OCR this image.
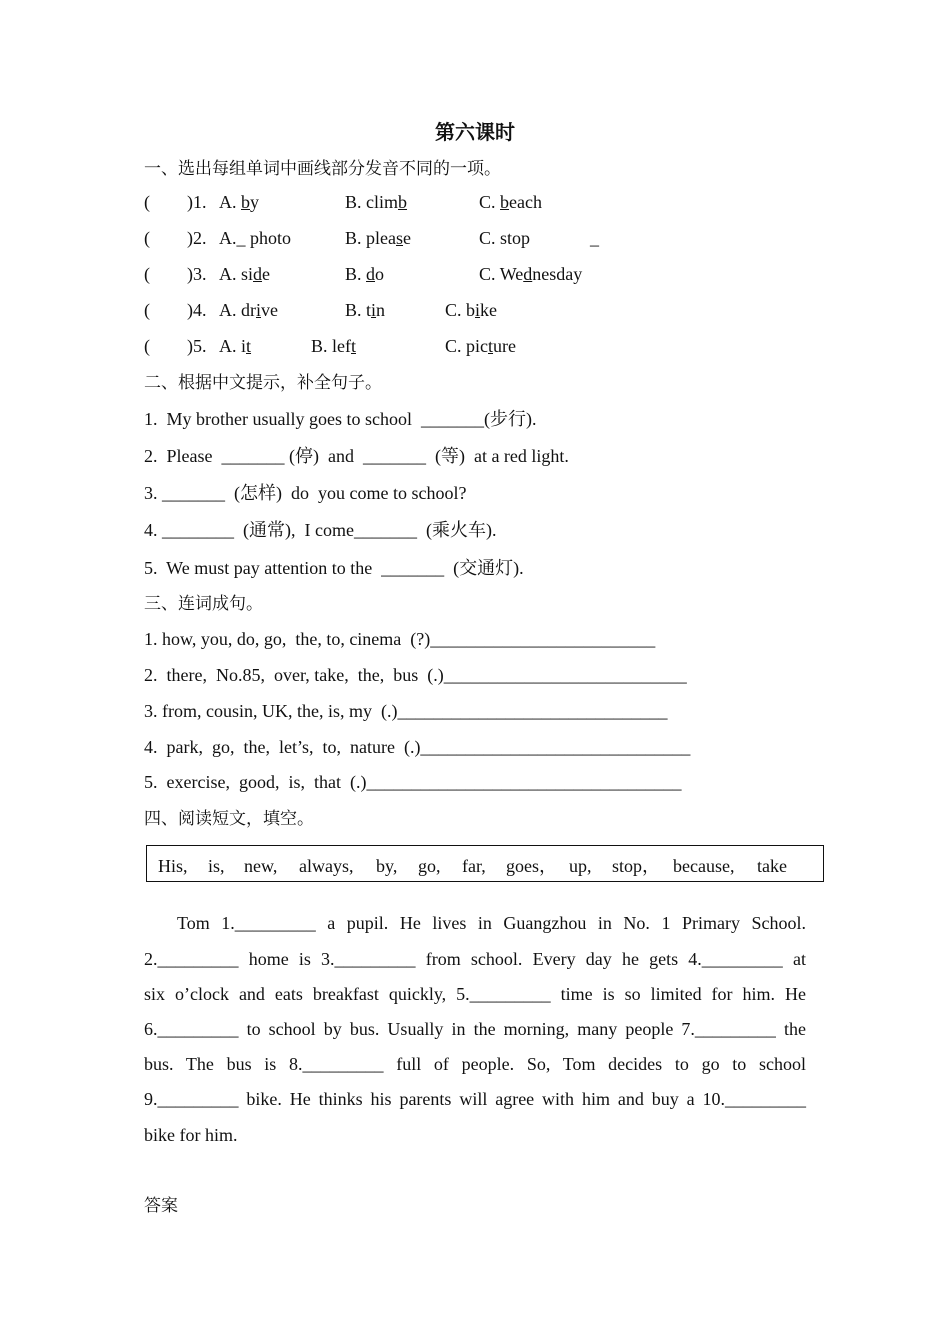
第六课时
一、选出每组单词中画线部分发音不同的一项。
( )1. A. by	B. climb	C. beach
( )2. A._ photo	B. please	C. stop	_
( )3. A. side	B. do	C. Wednesday
( )4. A. drive	B. tin	C. bike
( )5. A. it	B. left	C. picture
二、根据中文提示，补全句子。
1.  My brother usually goes to school  _______(步行).
2.  Please  _______ (停)  and  _______  (等)  at a red light.
3. _______  (怎样)  do  you come to school?
4. ________  (通常),  I come_______  (乘火车).
5.  We must pay attention to the  _______  (交通灯).
三、连词成句。
1. how, you, do, go,  the, to, cinema  (?)_________________________
2.  there,  No.85,  over, take,  the,  bus  (.)___________________________
3. from, cousin, UK, the, is, my  (.)______________________________
4.  park,  go,  the,  let’s,  to,  nature  (.)______________________________
5.  exercise,  good,  is,  that  (.)___________________________________
四、阅读短文，填空。
His, is, new, always, by, go, far, goes， up, stop， because, take
Tom 1._________ a pupil. He lives in Guangzhou in No. 1 Primary School.
2._________ home is 3._________ from school. Every day he gets 4._________ at
six o’clock and eats breakfast quickly, 5._________ time is so limited for him. He
6._________ to school by bus. Usually in the morning, many people 7._________ the
bus. The bus is 8._________ full of people. So, Tom decides to go to school
9._________ bike. He thinks his parents will agree with him and buy a 10._________
bike for him.
答案
